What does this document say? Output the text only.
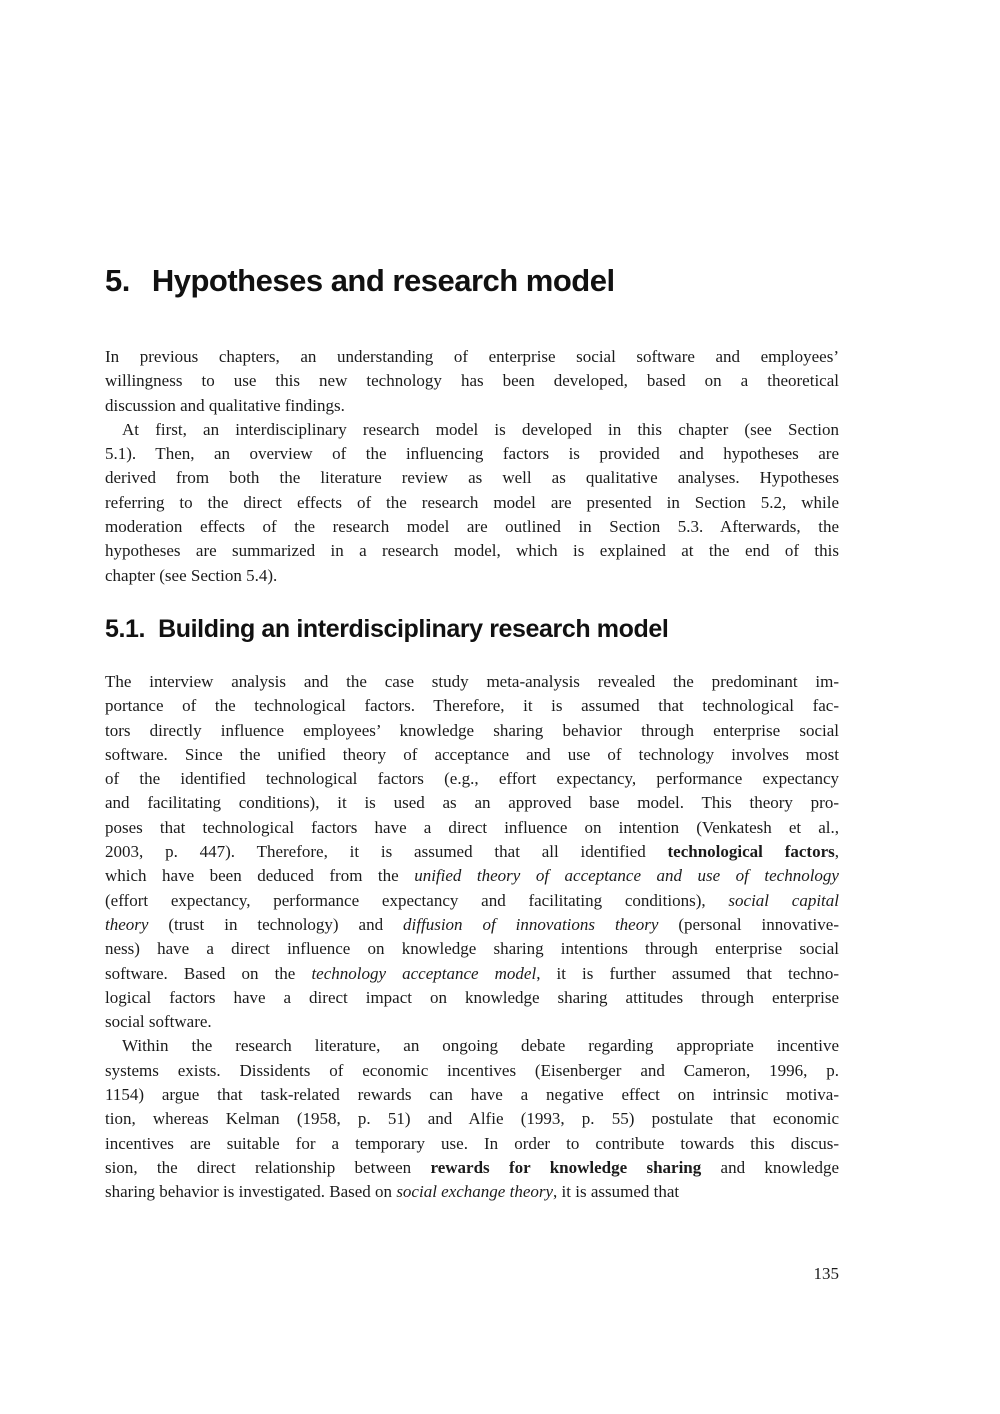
5. Hypotheses and research model
In previous chapters, an understanding of enterprise social software and employees’
willingness to use this new technology has been developed, based on a theoretical
discussion and qualitative findings.
At first, an interdisciplinary research model is developed in this chapter (see Section
5.1). Then, an overview of the influencing factors is provided and hypotheses are
derived from both the literature review as well as qualitative analyses. Hypotheses
referring to the direct effects of the research model are presented in Section 5.2, while
moderation effects of the research model are outlined in Section 5.3. Afterwards, the
hypotheses are summarized in a research model, which is explained at the end of this
chapter (see Section 5.4).
5.1. Building an interdisciplinary research model
The interview analysis and the case study meta-analysis revealed the predominant im-
portance of the technological factors. Therefore, it is assumed that technological fac-
tors directly influence employees’ knowledge sharing behavior through enterprise social
software. Since the unified theory of acceptance and use of technology involves most
of the identified technological factors (e.g., effort expectancy, performance expectancy
and facilitating conditions), it is used as an approved base model. This theory pro-
poses that technological factors have a direct influence on intention (Venkatesh et al.,
2003, p. 447). Therefore, it is assumed that all identified technological factors,
which have been deduced from the unified theory of acceptance and use of technology
(effort expectancy, performance expectancy and facilitating conditions), social capital
theory (trust in technology) and diffusion of innovations theory (personal innovative-
ness) have a direct influence on knowledge sharing intentions through enterprise social
software. Based on the technology acceptance model, it is further assumed that techno-
logical factors have a direct impact on knowledge sharing attitudes through enterprise
social software.
Within the research literature, an ongoing debate regarding appropriate incentive
systems exists. Dissidents of economic incentives (Eisenberger and Cameron, 1996, p.
1154) argue that task-related rewards can have a negative effect on intrinsic motiva-
tion, whereas Kelman (1958, p. 51) and Alfie (1993, p. 55) postulate that economic
incentives are suitable for a temporary use. In order to contribute towards this discus-
sion, the direct relationship between rewards for knowledge sharing and knowledge
sharing behavior is investigated. Based on social exchange theory, it is assumed that
135
